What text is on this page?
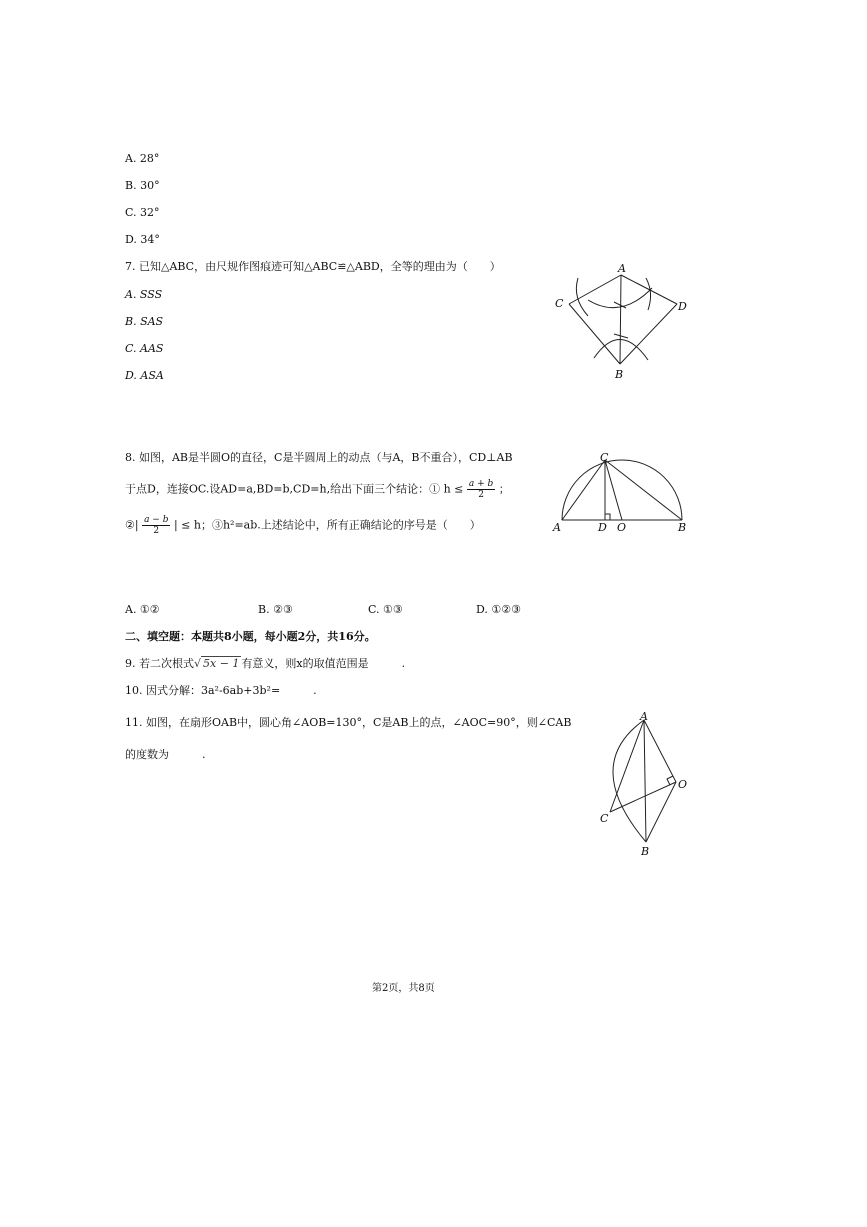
A. 28°
B. 30°
C. 32°
D. 34°
7. 已知△ABC，由尺规作图痕迹可知△ABC≌△ABD，全等的理由为（　　）
A. SSS
B. SAS
C. AAS
D. ASA
A
C	D
B
8. 如图，AB是半圆O的直径，C是半圆周上的动点（与A，B不重合），CD⊥AB
于点D，连接OC.设AD=a,BD=b,CD=h,给出下面三个结论：① $h \le \frac{a + b}{2}$ ；
②| $\frac{a - b}{2}$ | ≤ h；③h²=ab.上述结论中，所有正确结论的序号是（　　）
C
A	D O	B
A. ①②	B. ②③	C. ①③	D. ①②③
二、填空题：本题共8小题，每小题2分，共16分。
9. 若二次根式√ 5x − 1 有意义，则x的取值范围是　　　.
10. 因式分解：3a²-6ab+3b²=　　　.
11. 如图，在扇形OAB中，圆心角∠AOB=130°，C是AB上的点，∠AOC=90°，则∠CAB
的度数为　　　.
A
O
C
B
第2页，共8页
